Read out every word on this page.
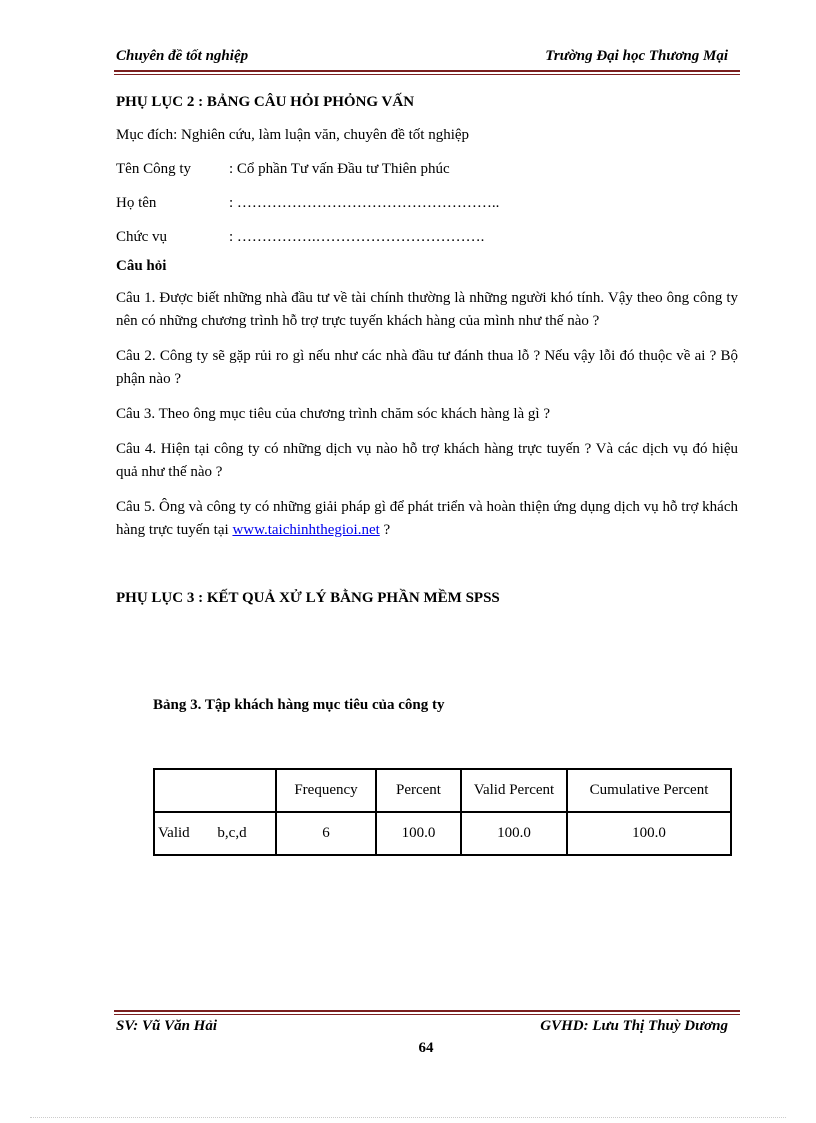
Chuyên đề tốt nghiệp	Trường Đại học Thương Mại

PHỤ LỤC 2 : BẢNG CÂU HỎI PHỎNG VẤN

Mục đích: Nghiên cứu, làm luận văn, chuyên đề tốt nghiệp

Tên Công ty	: Cổ phần Tư vấn Đầu tư Thiên phúc
Họ tên	: ……………………………………………..
Chức vụ	: …………….…………………………….

Câu hỏi

Câu 1. Được biết những nhà đầu tư về tài chính thường là những người khó tính. Vậy theo ông công ty nên có những chương trình hỗ trợ trực tuyến khách hàng của mình như thế nào ?

Câu 2. Công ty sẽ gặp rủi ro gì nếu như các nhà đầu tư đánh thua lỗ ? Nếu vậy lỗi đó thuộc về ai ? Bộ phận nào ?

Câu 3. Theo ông mục tiêu của chương trình chăm sóc khách hàng là gì ?

Câu 4. Hiện tại công ty có những dịch vụ nào hỗ trợ khách hàng trực tuyến ? Và các dịch vụ đó hiệu quả như thế nào ?

Câu 5. Ông và công ty có những giải pháp gì để phát triển và hoàn thiện ứng dụng dịch vụ hỗ trợ khách hàng trực tuyến tại www.taichinhthegioi.net ?

PHỤ LỤC 3 : KẾT QUẢ XỬ LÝ BẰNG PHẦN MỀM SPSS

Bảng 3. Tập khách hàng mục tiêu của công ty
	Frequency	Percent	Valid Percent	Cumulative Percent
Valid b,c,d	6	100.0	100.0	100.0
SV: Vũ Văn Hải	GVHD: Lưu Thị Thuỳ Dương
64
